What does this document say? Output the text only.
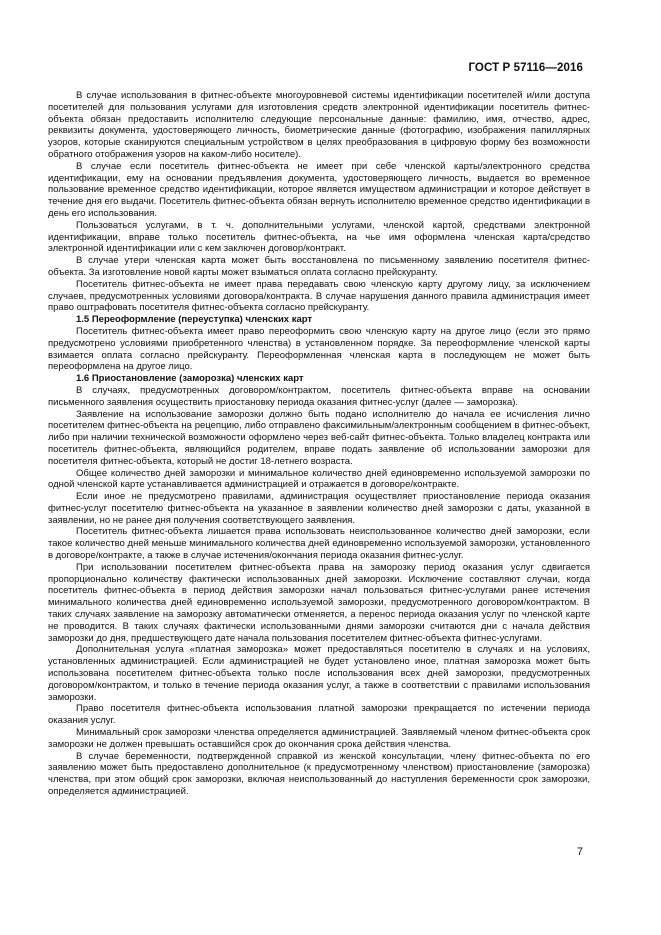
ГОСТ Р 57116—2016

В случае использования в фитнес-объекте многоуровневой системы идентификации посетителей и/или доступа посетителей для пользования услугами для изготовления средств электронной идентификации посетитель фитнес-объекта обязан предоставить исполнителю следующие персональные данные: фамилию, имя, отчество, адрес, реквизиты документа, удостоверяющего личность, биометрические данные (фотографию, изображения папиллярных узоров, которые сканируются специальным устройством в целях преобразования в цифровую форму без возможности обратного отображения узоров на каком-либо носителе).

В случае если посетитель фитнес-объекта не имеет при себе членской карты/электронного средства идентификации, ему на основании предъявления документа, удостоверяющего личность, выдается во временное пользование временное средство идентификации, которое является имуществом администрации и которое действует в течение дня его выдачи. Посетитель фитнес-объекта обязан вернуть исполнителю временное средство идентификации в день его использования.

Пользоваться услугами, в т. ч. дополнительными услугами, членской картой, средствами электронной идентификации, вправе только посетитель фитнес-объекта, на чье имя оформлена членская карта/средство электронной идентификации или с кем заключен договор/контракт.

В случае утери членская карта может быть восстановлена по письменному заявлению посетителя фитнес-объекта. За изготовление новой карты может взыматься оплата согласно прейскуранту.

Посетитель фитнес-объекта не имеет права передавать свою членскую карту другому лицу, за исключением случаев, предусмотренных условиями договора/контракта. В случае нарушения данного правила администрация имеет право оштрафовать посетителя фитнес-объекта согласно прейскуранту.

1.5 Переоформление (переуступка) членских карт

Посетитель фитнес-объекта имеет право переоформить свою членскую карту на другое лицо (если это прямо предусмотрено условиями приобретенного членства) в установленном порядке. За переоформление членской карты взимается оплата согласно прейскуранту. Переоформленная членская карта в последующем не может быть переоформлена на другое лицо.

1.6 Приостановление (заморозка) членских карт

В случаях, предусмотренных договором/контрактом, посетитель фитнес-объекта вправе на основании письменного заявления осуществить приостановку периода оказания фитнес-услуг (далее — заморозка).

Заявление на использование заморозки должно быть подано исполнителю до начала ее исчисления лично посетителем фитнес-объекта на рецепцию, либо отправлено факсимильным/электронным сообщением в фитнес-объект, либо при наличии технической возможности оформлено через веб-сайт фитнес-объекта. Только владелец контракта или посетитель фитнес-объекта, являющийся родителем, вправе подать заявление об использовании заморозки для посетителя фитнес-объекта, который не достиг 18-летнего возраста.

Общее количество дней заморозки и минимальное количество дней единовременно используемой заморозки по одной членской карте устанавливается администрацией и отражается в договоре/контракте.

Если иное не предусмотрено правилами, администрация осуществляет приостановление периода оказания фитнес-услуг посетителю фитнес-объекта на указанное в заявлении количество дней заморозки с даты, указанной в заявлении, но не ранее дня получения соответствующего заявления.

Посетитель фитнес-объекта лишается права использовать неиспользованное количество дней заморозки, если такое количество дней меньше минимального количества дней единовременно используемой заморозки, установленного в договоре/контракте, а также в случае истечения/окончания периода оказания фитнес-услуг.

При использовании посетителем фитнес-объекта права на заморозку период оказания услуг сдвигается пропорционально количеству фактически использованных дней заморозки. Исключение составляют случаи, когда посетитель фитнес-объекта в период действия заморозки начал пользоваться фитнес-услугами ранее истечения минимального количества дней единовременно используемой заморозки, предусмотренного договором/контрактом. В таких случаях заявление на заморозку автоматически отменяется, а перенос периода оказания услуг по членской карте не проводится. В таких случаях фактически использованными днями заморозки считаются дни с начала действия заморозки до дня, предшествующего дате начала пользования посетителем фитнес-объекта фитнес-услугами.

Дополнительная услуга «платная заморозка» может предоставляться посетителю в случаях и на условиях, установленных администрацией. Если администрацией не будет установлено иное, платная заморозка может быть использована посетителем фитнес-объекта только после использования всех дней заморозки, предусмотренных договором/контрактом, и только в течение периода оказания услуг, а также в соответствии с правилами использования заморозки.

Право посетителя фитнес-объекта использования платной заморозки прекращается по истечении периода оказания услуг.

Минимальный срок заморозки членства определяется администрацией. Заявляемый членом фитнес-объекта срок заморозки не должен превышать оставшийся срок до окончания срока действия членства.

В случае беременности, подтвержденной справкой из женской консультации, члену фитнес-объекта по его заявлению может быть предоставлено дополнительное (к предусмотренному членством) приостановление (заморозка) членства, при этом общий срок заморозки, включая неиспользованный до наступления беременности срок заморозки, определяется администрацией.

7
